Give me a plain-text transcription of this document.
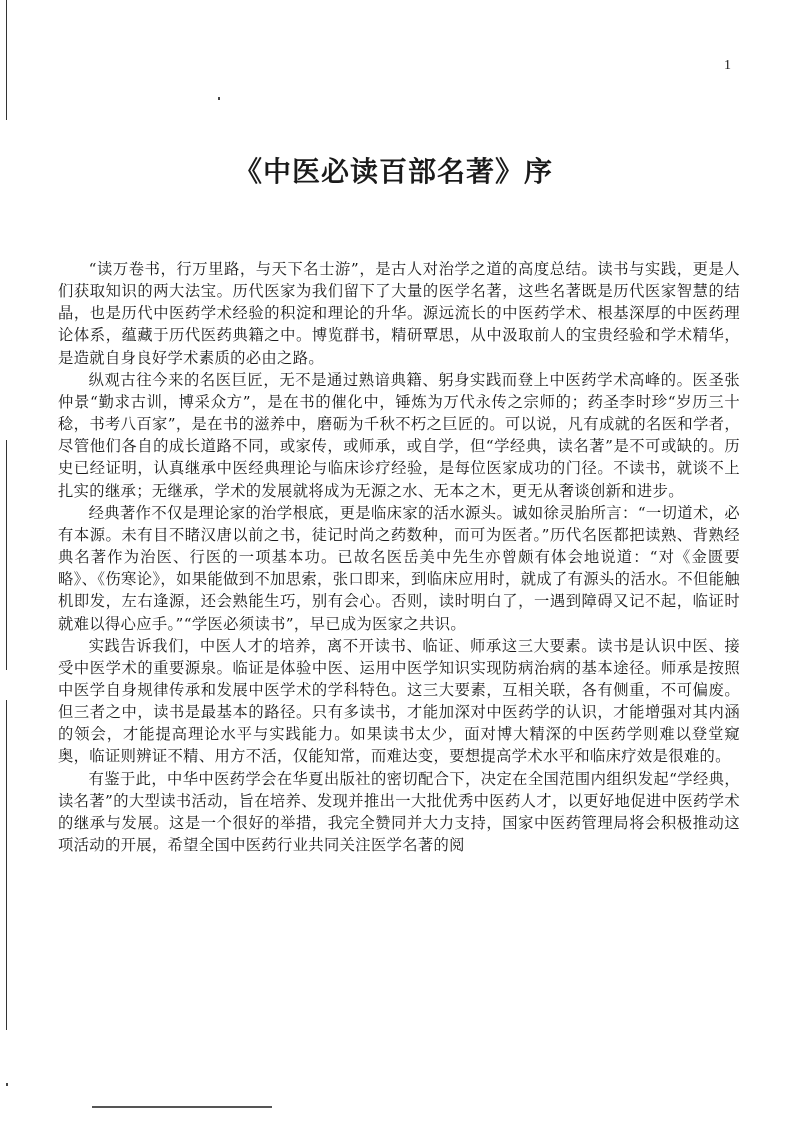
1
《中医必读百部名著》序

“读万卷书，行万里路，与天下名士游”，是古人对治学之道的高度总结。读书与实践，更是人们获取知识的两大法宝。历代医家为我们留下了大量的医学名著，这些名著既是历代医家智慧的结晶，也是历代中医药学术经验的积淀和理论的升华。源远流长的中医药学术、根基深厚的中医药理论体系，蕴藏于历代医药典籍之中。博览群书，精研覃思，从中汲取前人的宝贵经验和学术精华，是造就自身良好学术素质的必由之路。

纵观古往今来的名医巨匠，无不是通过熟谙典籍、躬身实践而登上中医药学术高峰的。医圣张仲景“勤求古训，博采众方”，是在书的催化中，锤炼为万代永传之宗师的；药圣李时珍“岁历三十稔，书考八百家”，是在书的滋养中，磨砺为千秋不朽之巨匠的。可以说，凡有成就的名医和学者，尽管他们各自的成长道路不同，或家传，或师承，或自学，但“学经典，读名著”是不可或缺的。历史已经证明，认真继承中医经典理论与临床诊疗经验，是每位医家成功的门径。不读书，就谈不上扎实的继承；无继承，学术的发展就将成为无源之水、无本之木，更无从奢谈创新和进步。

经典著作不仅是理论家的治学根底，更是临床家的活水源头。诚如徐灵胎所言：“一切道术，必有本源。未有目不睹汉唐以前之书，徒记时尚之药数种，而可为医者。”历代名医都把读熟、背熟经典名著作为治医、行医的一项基本功。已故名医岳美中先生亦曾颇有体会地说道：“对《金匮要略》、《伤寒论》，如果能做到不加思索，张口即来，到临床应用时，就成了有源头的活水。不但能触机即发，左右逢源，还会熟能生巧，别有会心。否则，读时明白了，一遇到障碍又记不起，临证时就难以得心应手。”“学医必须读书”，早已成为医家之共识。

实践告诉我们，中医人才的培养，离不开读书、临证、师承这三大要素。读书是认识中医、接受中医学术的重要源泉。临证是体验中医、运用中医学知识实现防病治病的基本途径。师承是按照中医学自身规律传承和发展中医学术的学科特色。这三大要素，互相关联，各有侧重，不可偏废。但三者之中，读书是最基本的路径。只有多读书，才能加深对中医药学的认识，才能增强对其内涵的领会，才能提高理论水平与实践能力。如果读书太少，面对博大精深的中医药学则难以登堂窥奥，临证则辨证不精、用方不活，仅能知常，而难达变，要想提高学术水平和临床疗效是很难的。

有鉴于此，中华中医药学会在华夏出版社的密切配合下，决定在全国范围内组织发起“学经典，读名著”的大型读书活动，旨在培养、发现并推出一大批优秀中医药人才，以更好地促进中医药学术的继承与发展。这是一个很好的举措，我完全赞同并大力支持，国家中医药管理局将会积极推动这项活动的开展，希望全国中医药行业共同关注医学名著的阅
